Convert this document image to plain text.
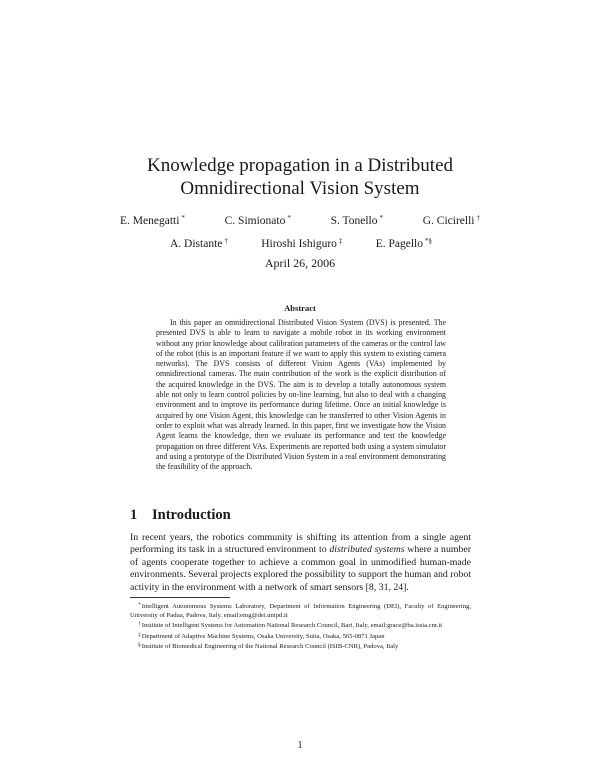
Knowledge propagation in a Distributed
Omnidirectional Vision System
E. Menegatti *	C. Simionato *	S. Tonello *	G. Cicirelli †
A. Distante †	Hiroshi Ishiguro ‡	E. Pagello *§
April 26, 2006
Abstract
In this paper an omnidirectional Distributed Vision System (DVS) is presented. The presented DVS is able to learn to navigate a mobile robot in its working environment without any prior knowledge about calibration parameters of the cameras or the control law of the robot (this is an important feature if we want to apply this system to existing camera networks). The DVS consists of different Vision Agents (VAs) implemented by omnidirectional cameras. The main contribution of the work is the explicit distribution of the acquired knowledge in the DVS. The aim is to develop a totally autonomous system able not only to learn control policies by on-line learning, but also to deal with a changing environment and to improve its performance during lifetime. Once an initial knowledge is acquired by one Vision Agent, this knowledge can be transferred to other Vision Agents in order to exploit what was already learned. In this paper, first we investigate how the Vision Agent learns the knowledge, then we evaluate its performance and test the knowledge propagation on three different VAs. Experiments are reported both using a system simulator and using a prototype of the Distributed Vision System in a real environment demonstrating the feasibility of the approach.
1 Introduction
In recent years, the robotics community is shifting its attention from a single agent performing its task in a structured environment to distributed systems where a number of agents cooperate together to achieve a common goal in unmodified human-made environments. Several projects explored the possibility to support the human and robot activity in the environment with a network of smart sensors [8, 31, 24].
*Intelligent Autonomous Systems Laboratory, Department of Information Engineering (DEI), Faculty of Engineering, University of Padua, Padova, Italy. email:emg@dei.unipd.it
†Institute of Intelligent Systems for Automation National Research Council, Bari, Italy, email:grace@ba.issia.cnr.it
‡Department of Adaptive Machine Systems, Osaka University, Suita, Osaka, 565-0871 Japan
§Institute of Biomedical Engineering of the National Research Council (ISIB-CNR), Padova, Italy
1
